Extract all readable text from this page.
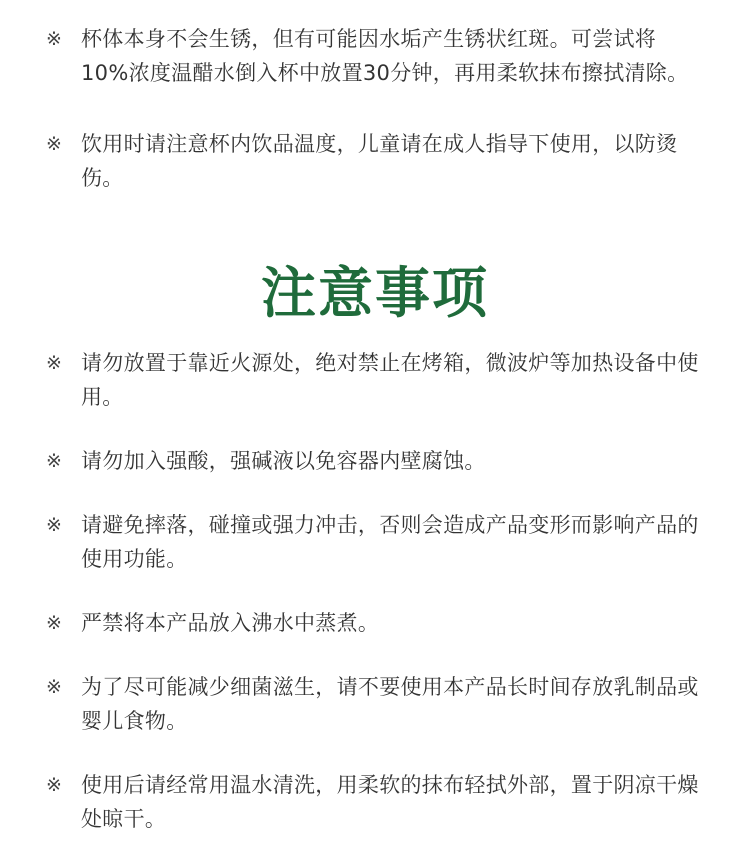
※ 杯体本身不会生锈，但有可能因水垢产生锈状红斑。可尝试将10%浓度温醋水倒入杯中放置30分钟，再用柔软抹布擦拭清除。
※ 饮用时请注意杯内饮品温度，儿童请在成人指导下使用，以防烫伤。
注意事项
※ 请勿放置于靠近火源处，绝对禁止在烤箱，微波炉等加热设备中使用。
※ 请勿加入强酸，强碱液以免容器内壁腐蚀。
※ 请避免摔落，碰撞或强力冲击，否则会造成产品变形而影响产品的使用功能。
※ 严禁将本产品放入沸水中蒸煮。
※ 为了尽可能减少细菌滋生，请不要使用本产品长时间存放乳制品或婴儿食物。
※ 使用后请经常用温水清洗，用柔软的抹布轻拭外部，置于阴凉干燥处晾干。
